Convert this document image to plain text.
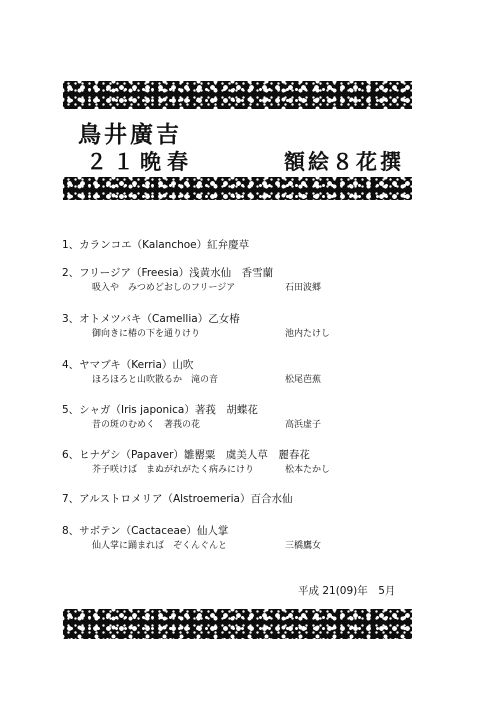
鳥井廣吉
２１晩春	額絵８花撰
1、カランコエ（Kalanchoe）紅弁慶草
2、フリージア（Freesia）浅黄水仙　香雪蘭
吸入や　みつめどおしのフリージア	石田波郷
3、オトメツバキ（Camellia）乙女椿
御向きに椿の下を通りけり	池内たけし
4、ヤマブキ（Kerria）山吹
ほろほろと山吹散るか　滝の音	松尾芭蕉
5、シャガ（Iris japonica）著莪　胡蝶花
昔の斑のむめく　著莪の花	高浜虚子
6、ヒナゲシ（Papaver）雛罌粟　虞美人草　麗春花
芥子咲けば　まぬがれがたく病みにけり	松本たかし
7、アルストロメリア（Alstroemeria）百合水仙
8、サボテン（Cactaceae）仙人掌
仙人掌に踊まれば　ぞくんぐんと	三橋鷹女
平成 21(09)年　5月
